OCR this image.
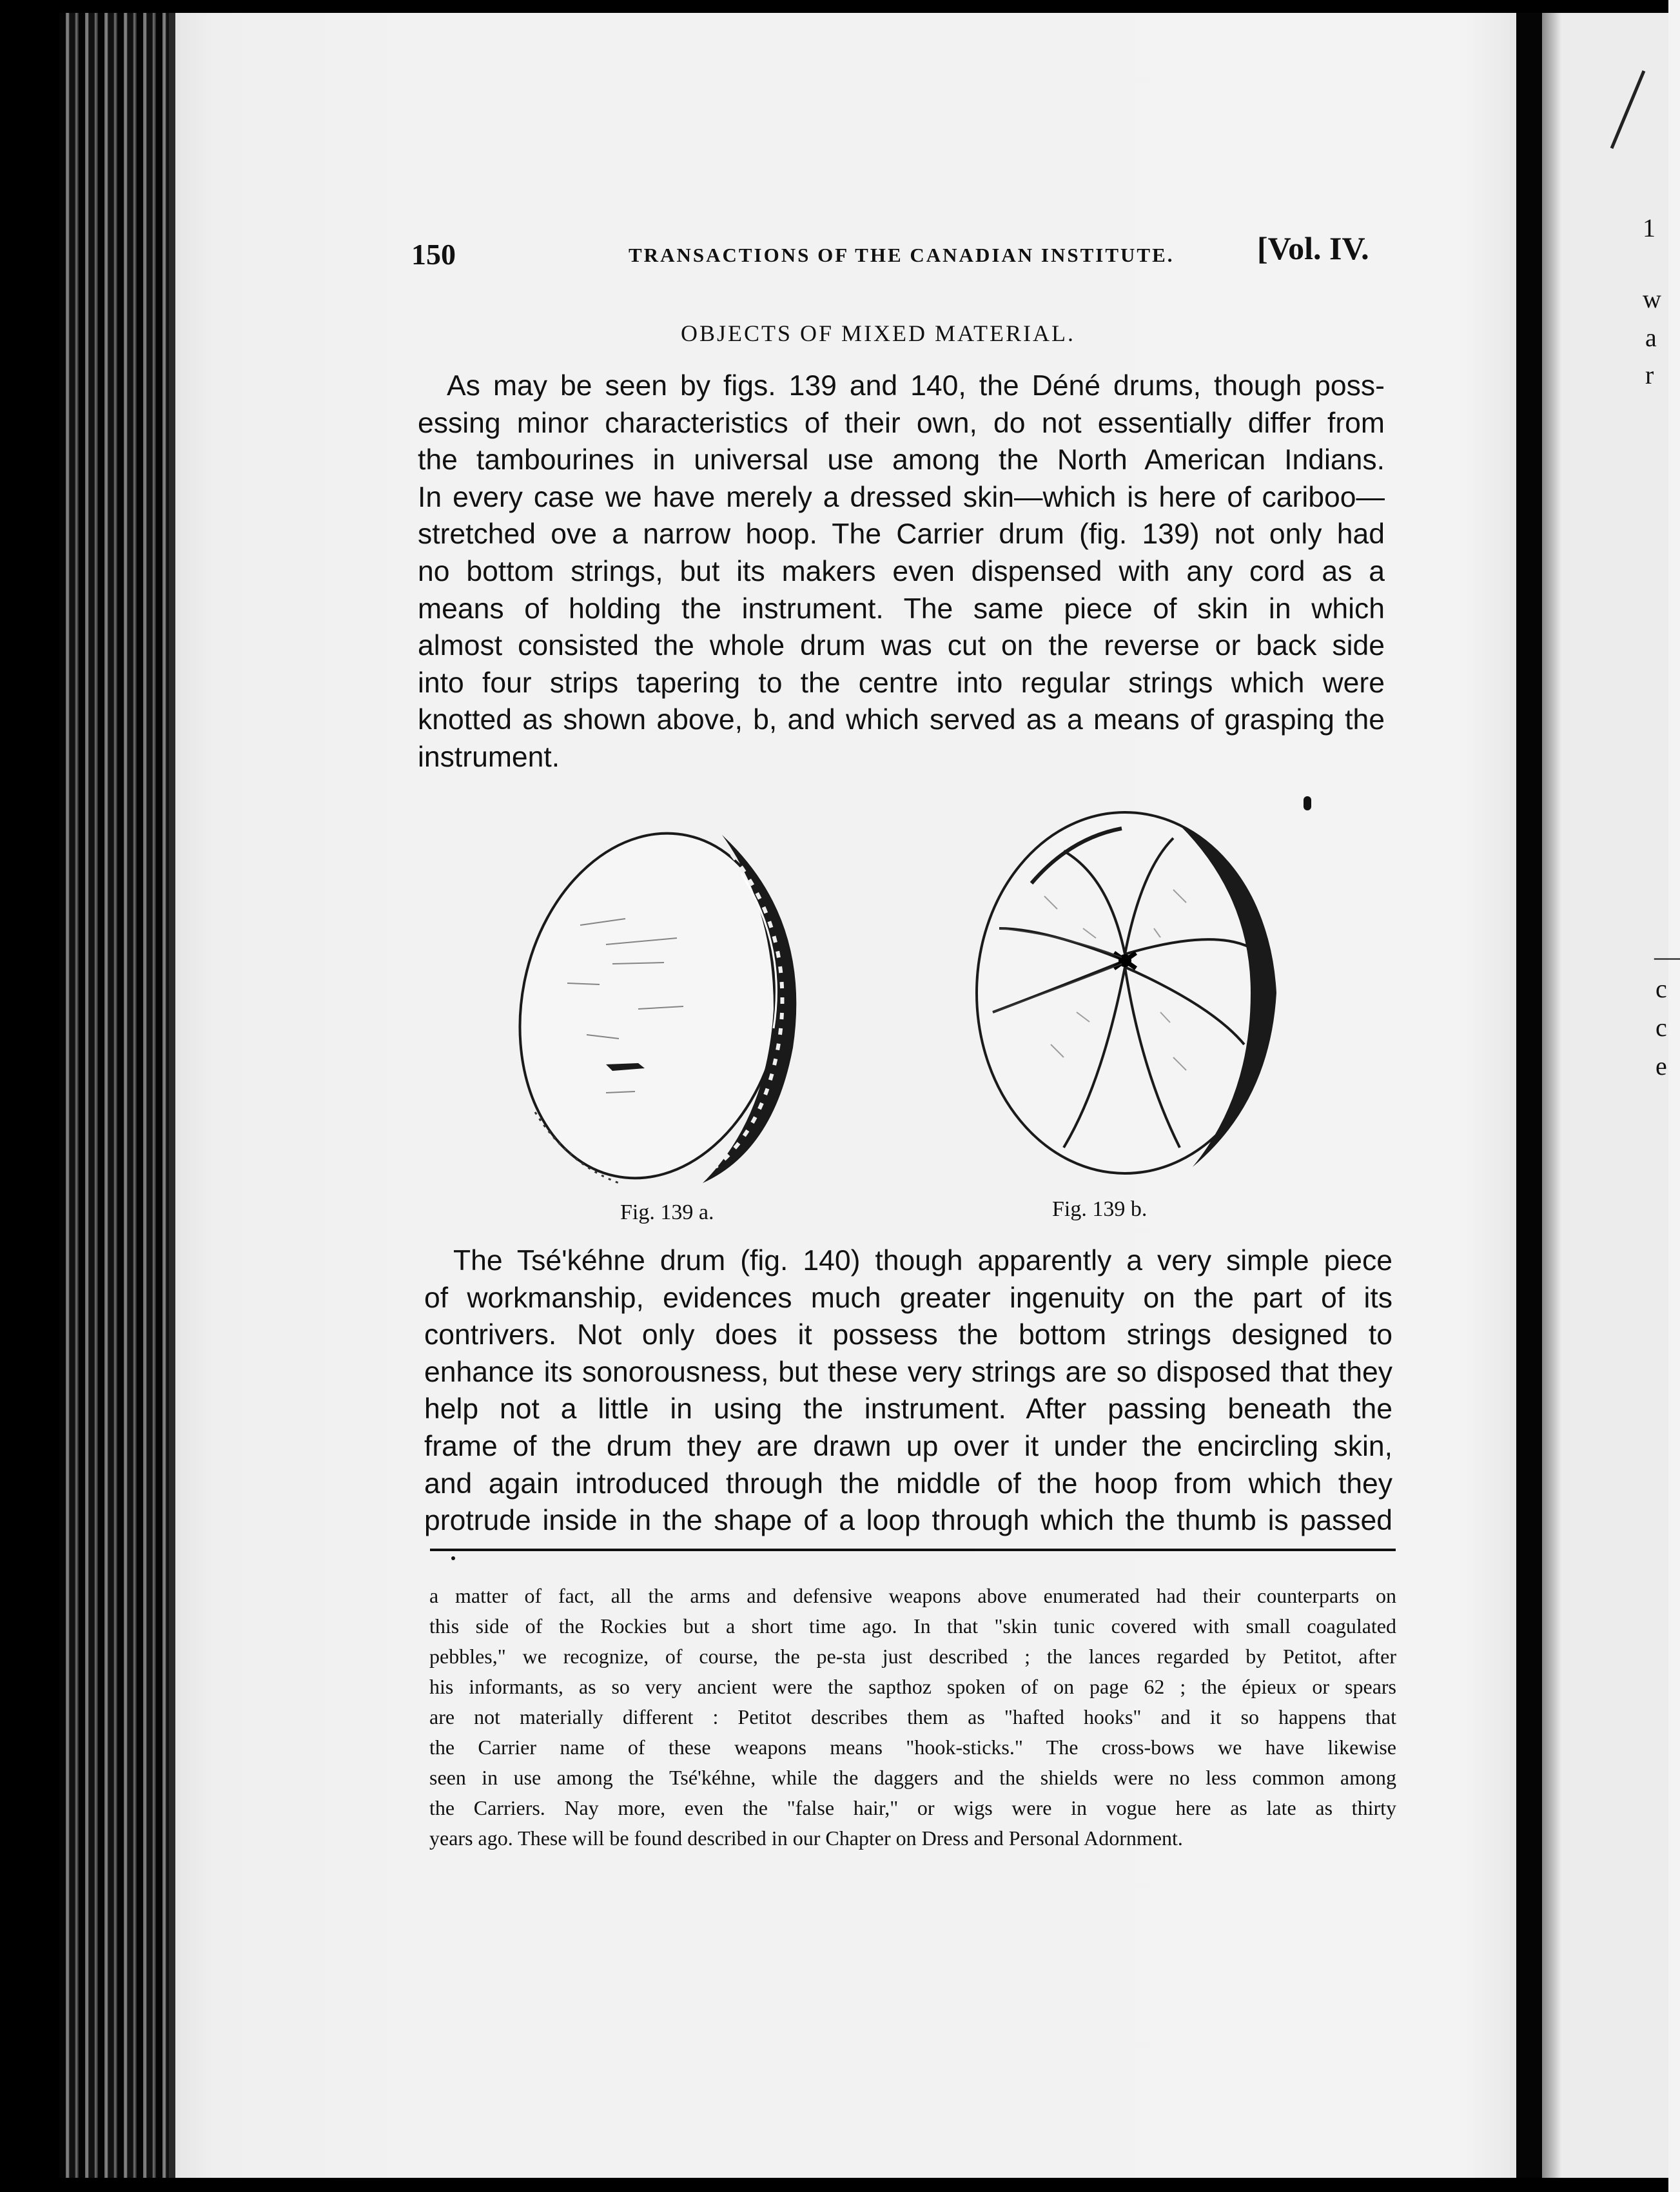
1
w
a
r
—
c
c
e
150	TRANSACTIONS OF THE CANADIAN INSTITUTE.	[Vol. IV.
OBJECTS OF MIXED MATERIAL.
As may be seen by figs. 139 and 140, the Déné drums, though poss-
essing minor characteristics of their own, do not essentially differ from
the tambourines in universal use among the North American Indians.
In every case we have merely a dressed skin—which is here of cariboo—
stretched ove a narrow hoop. The Carrier drum (fig. 139) not only had
no bottom strings, but its makers even dispensed with any cord as a
means of holding the instrument. The same piece of skin in which
almost consisted the whole drum was cut on the reverse or back side
into four strips tapering to the centre into regular strings which were
knotted as shown above, b, and which served as a means of grasping the
instrument.
Fig. 139 a.	Fig. 139 b.
The Tsé'kéhne drum (fig. 140) though apparently a very simple piece
of workmanship, evidences much greater ingenuity on the part of its
contrivers. Not only does it possess the bottom strings designed to
enhance its sonorousness, but these very strings are so disposed that they
help not a little in using the instrument. After passing beneath the
frame of the drum they are drawn up over it under the encircling skin,
and again introduced through the middle of the hoop from which they
protrude inside in the shape of a loop through which the thumb is passed
a matter of fact, all the arms and defensive weapons above enumerated had their counterparts on
this side of the Rockies but a short time ago. In that "skin tunic covered with small coagulated
pebbles," we recognize, of course, the pe-sta just described ; the lances regarded by Petitot, after
his informants, as so very ancient were the sapthoz spoken of on page 62 ; the épieux or spears
are not materially different : Petitot describes them as "hafted hooks" and it so happens that
the Carrier name of these weapons means "hook-sticks." The cross-bows we have likewise
seen in use among the Tsé'kéhne, while the daggers and the shields were no less common among
the Carriers. Nay more, even the "false hair," or wigs were in vogue here as late as thirty
years ago. These will be found described in our Chapter on Dress and Personal Adornment.
